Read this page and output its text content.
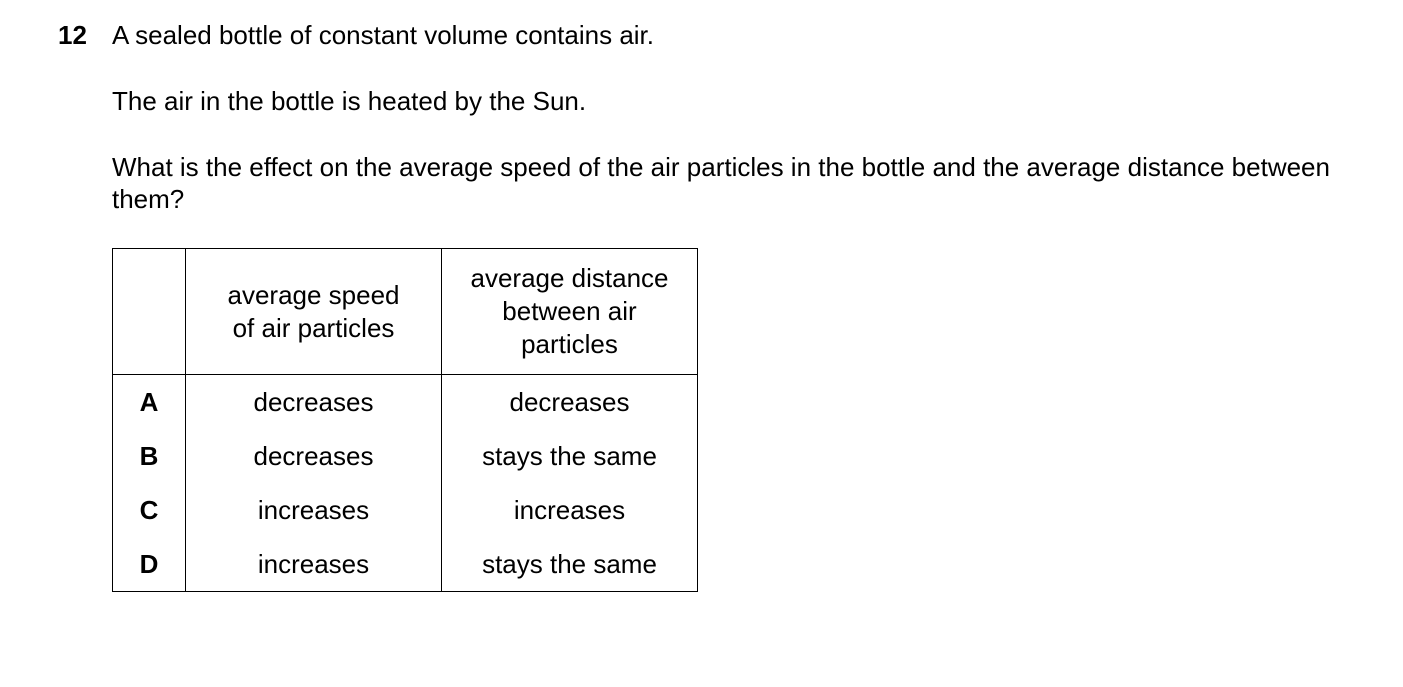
12 A sealed bottle of constant volume contains air.

The air in the bottle is heated by the Sun.

What is the effect on the average speed of the air particles in the bottle and the average distance between them?

	average speed of air particles	average distance between air particles

A	decreases	decreases
B	decreases	stays the same
C	increases	increases
D	increases	stays the same
